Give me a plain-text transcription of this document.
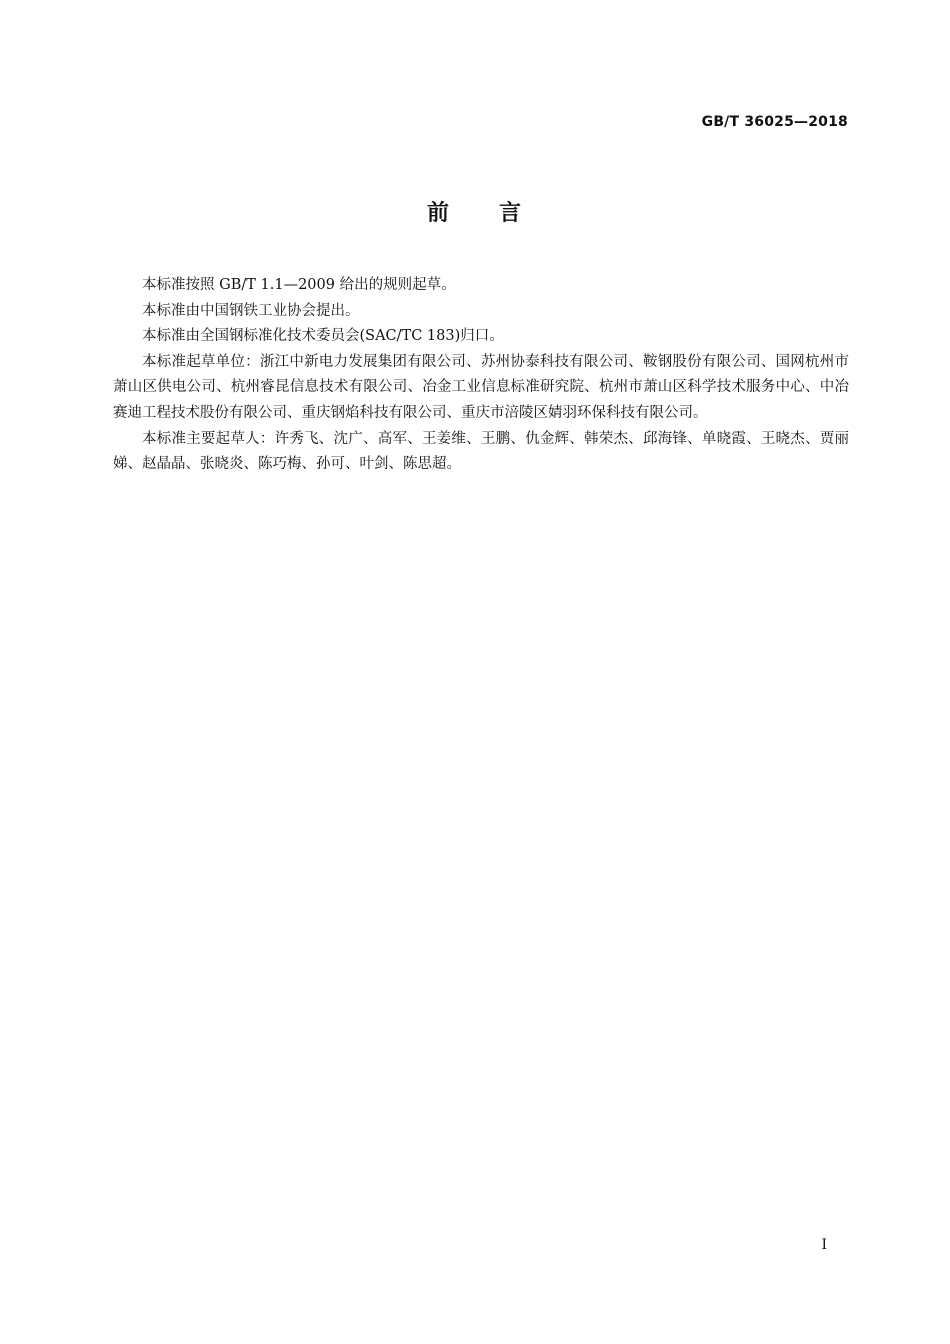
GB/T 36025—2018
前　　言

本标准按照 GB/T 1.1—2009 给出的规则起草。

本标准由中国钢铁工业协会提出。

本标准由全国钢标准化技术委员会(SAC/TC 183)归口。

本标准起草单位：浙江中新电力发展集团有限公司、苏州协泰科技有限公司、鞍钢股份有限公司、国网杭州市萧山区供电公司、杭州睿昆信息技术有限公司、冶金工业信息标准研究院、杭州市萧山区科学技术服务中心、中冶赛迪工程技术股份有限公司、重庆钢焰科技有限公司、重庆市涪陵区婧羽环保科技有限公司。

本标准主要起草人：许秀飞、沈广、高军、王姜维、王鹏、仇金辉、韩荣杰、邱海锋、单晓霞、王晓杰、贾丽娣、赵晶晶、张晓炎、陈巧梅、孙可、叶剑、陈思超。

I
